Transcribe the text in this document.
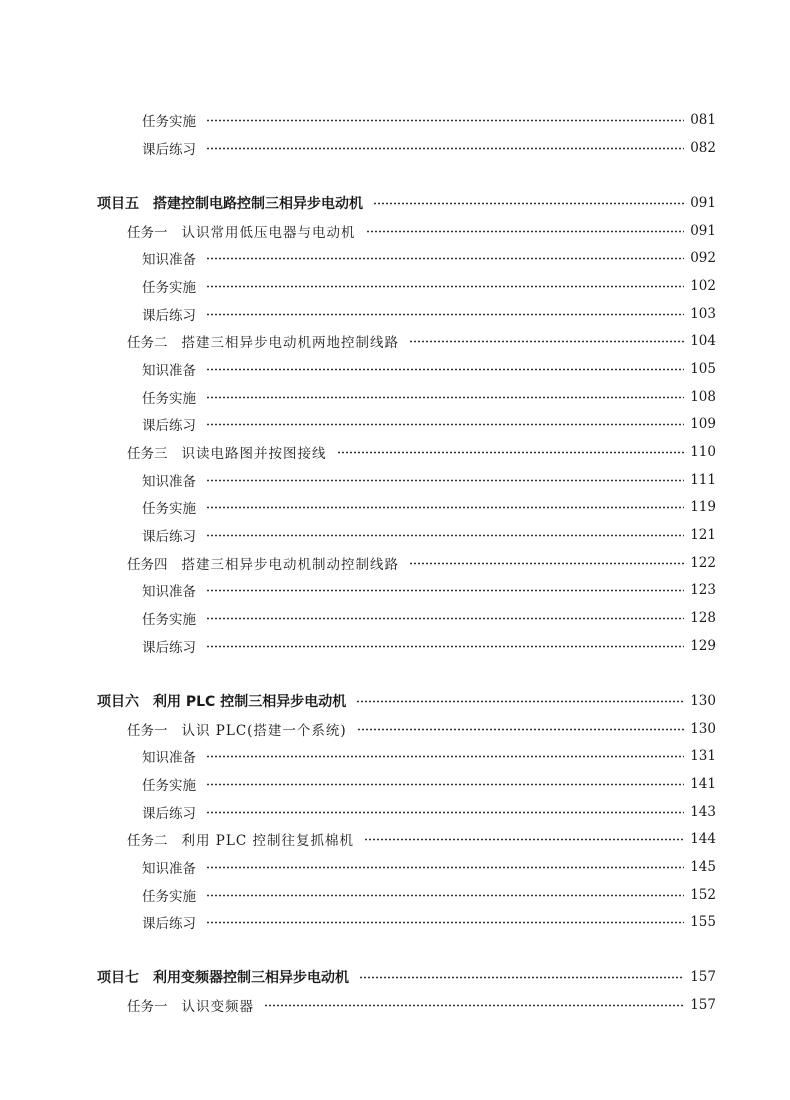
任务实施	081
课后练习	082
项目五 搭建控制电路控制三相异步电动机	091
任务一 认识常用低压电器与电动机	091
知识准备	092
任务实施	102
课后练习	103
任务二 搭建三相异步电动机两地控制线路	104
知识准备	105
任务实施	108
课后练习	109
任务三 识读电路图并按图接线	110
知识准备	111
任务实施	119
课后练习	121
任务四 搭建三相异步电动机制动控制线路	122
知识准备	123
任务实施	128
课后练习	129
项目六 利用 PLC 控制三相异步电动机	130
任务一 认识 PLC(搭建一个系统)	130
知识准备	131
任务实施	141
课后练习	143
任务二 利用 PLC 控制往复抓棉机	144
知识准备	145
任务实施	152
课后练习	155
项目七 利用变频器控制三相异步电动机	157
任务一 认识变频器	157
